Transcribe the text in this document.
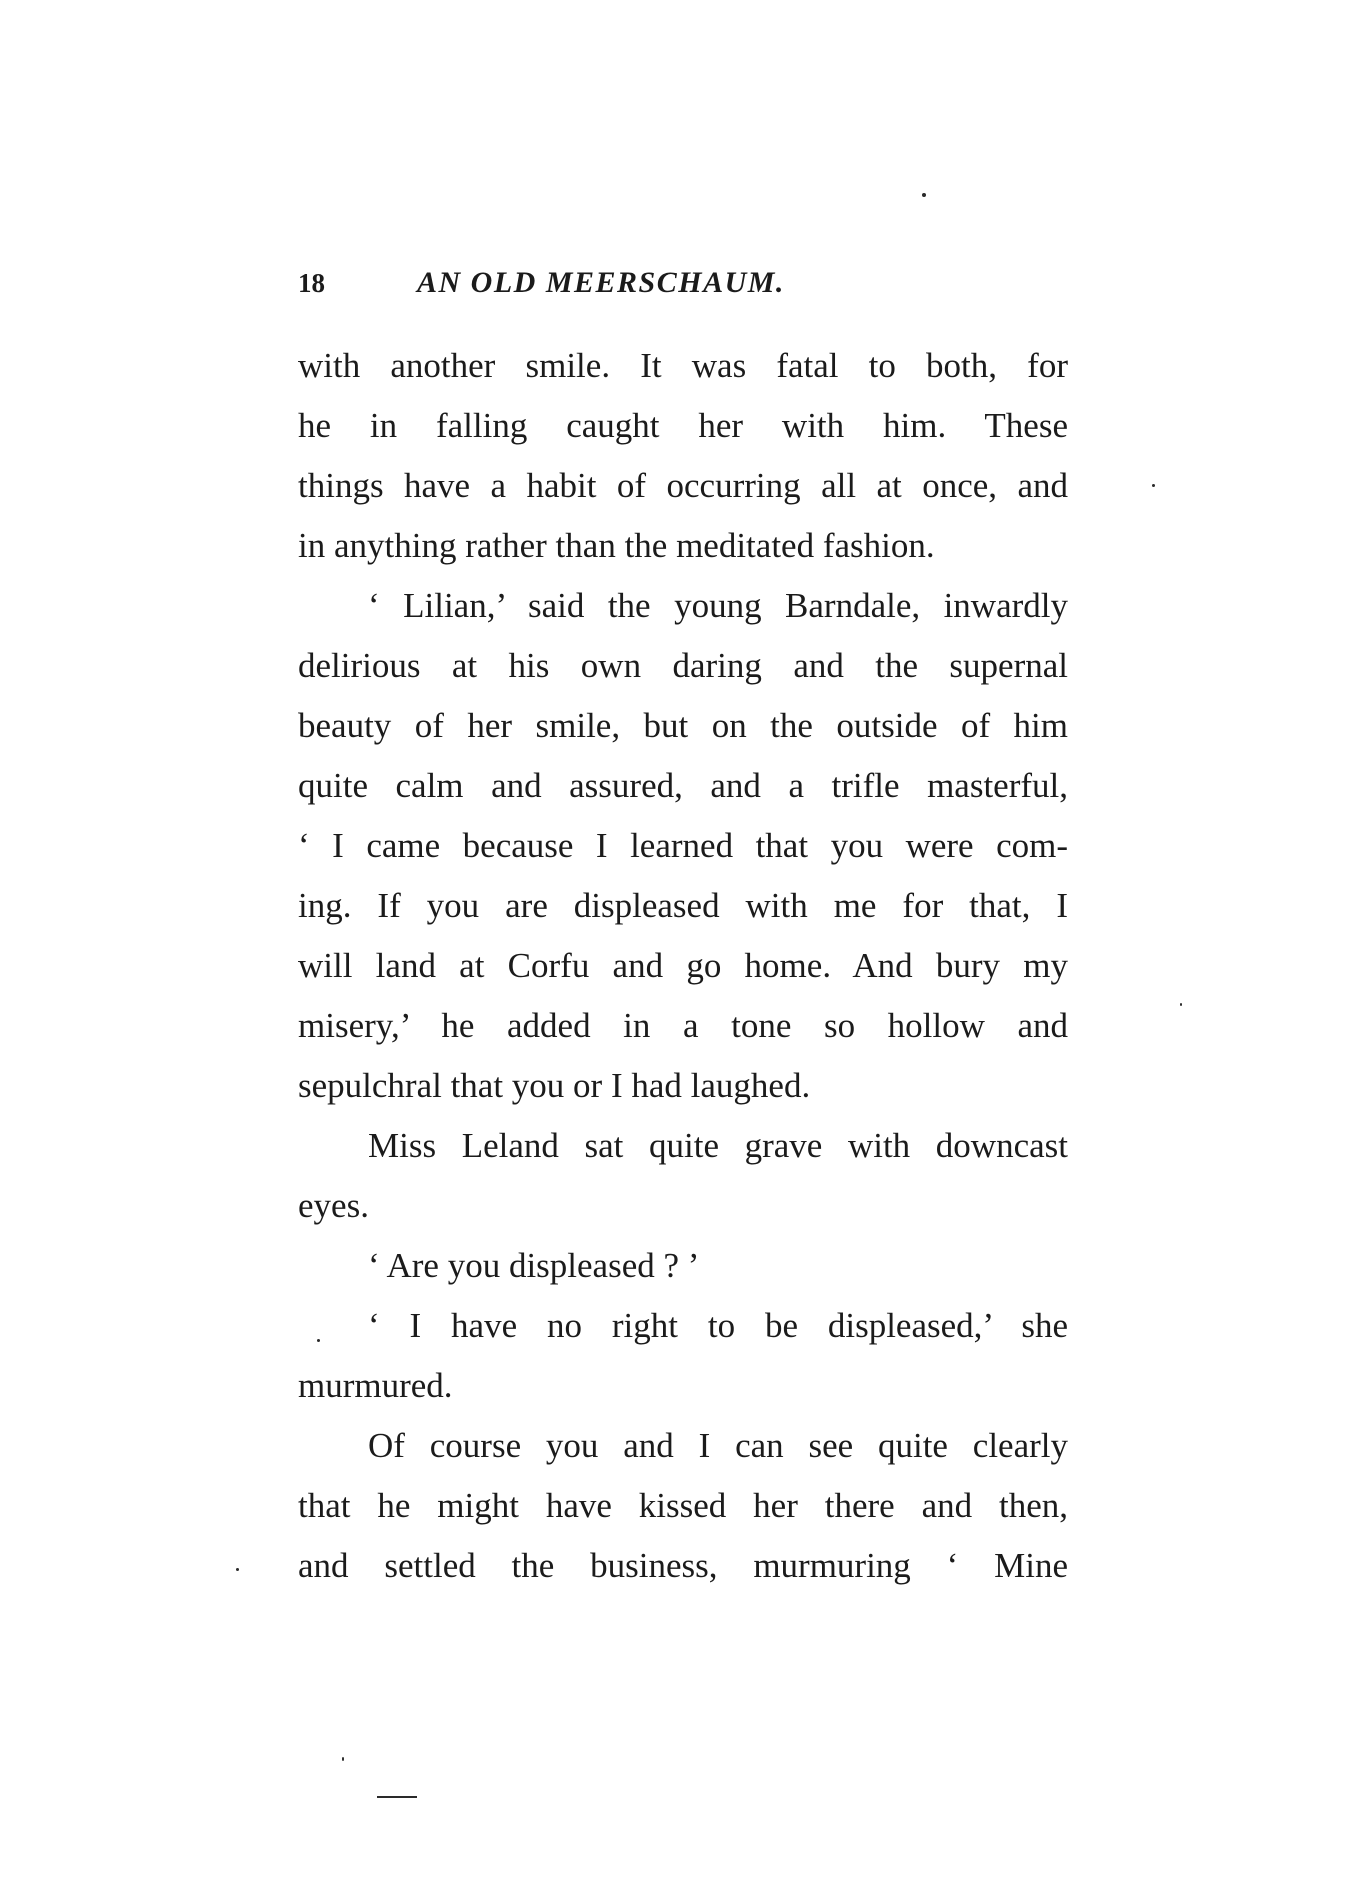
18	AN OLD MEERSCHAUM.
with another smile. It was fatal to both, for
he in falling caught her with him. These
things have a habit of occurring all at once, and
in anything rather than the meditated fashion.
‘ Lilian,’ said the young Barndale, inwardly
delirious at his own daring and the supernal
beauty of her smile, but on the outside of him
quite calm and assured, and a trifle masterful,
‘ I came because I learned that you were com-
ing. If you are displeased with me for that, I
will land at Corfu and go home. And bury my
misery,’ he added in a tone so hollow and
sepulchral that you or I had laughed.
Miss Leland sat quite grave with downcast
eyes.
‘ Are you displeased ? ’
‘ I have no right to be displeased,’ she
murmured.
Of course you and I can see quite clearly
that he might have kissed her there and then,
and settled the business, murmuring ‘ Mine
